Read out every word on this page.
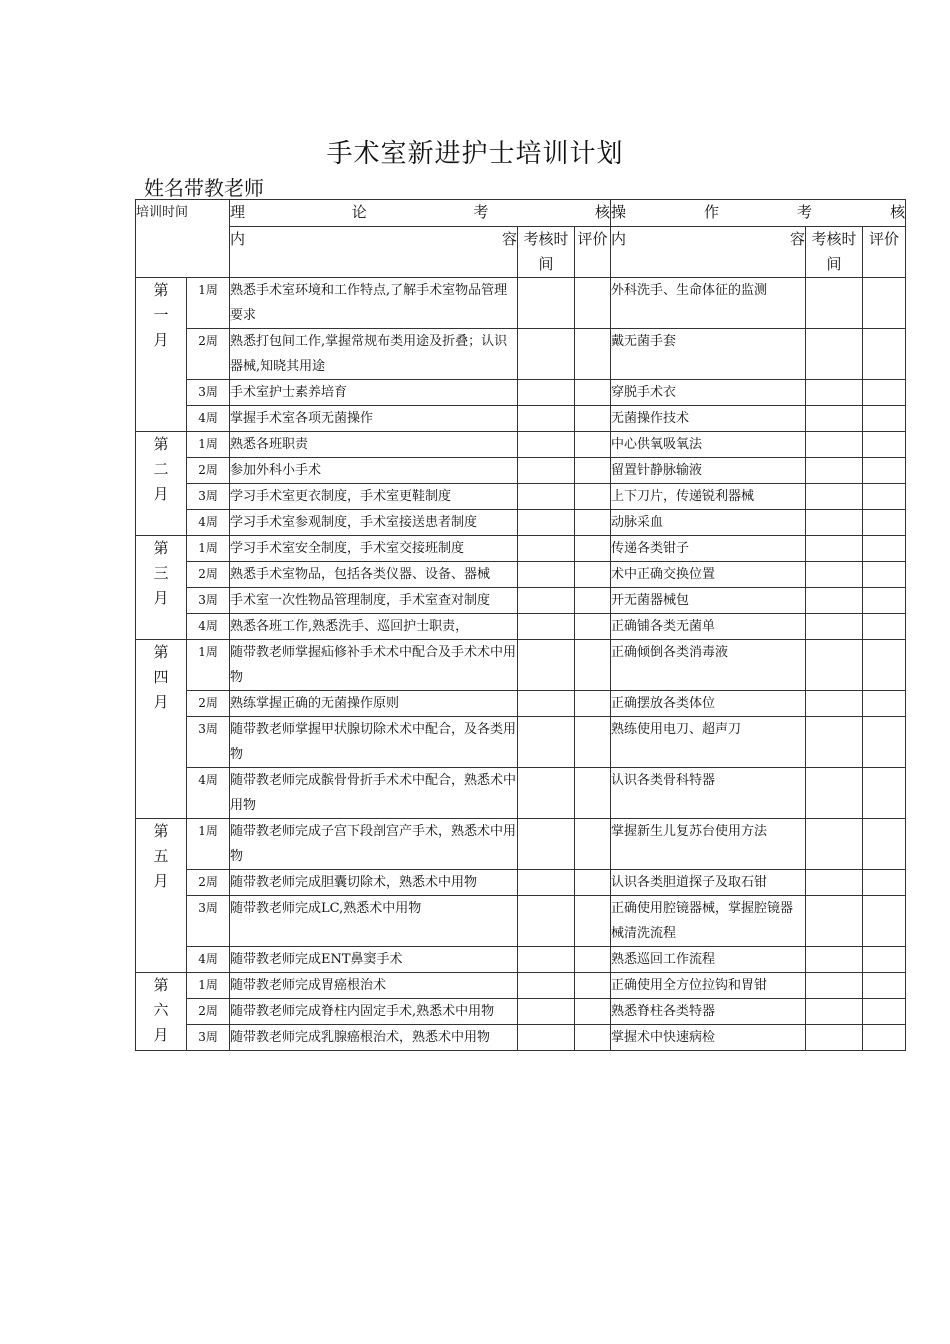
手术室新进护士培训计划
姓名带教老师
培训时间		理论考核			操作考核		
		内容	考核时间	评价	内容	考核时间	评价

第一月	1周	熟悉手术室环境和工作特点,了解手术室物品管理要求			外科洗手、生命体征的监测		
	2周	熟悉打包间工作,掌握常规布类用途及折叠；认识器械,知晓其用途			戴无菌手套		
	3周	手术室护士素养培育			穿脱手术衣		
	4周	掌握手术室各项无菌操作			无菌操作技术		

第二月	1周	熟悉各班职责			中心供氧吸氧法		
	2周	参加外科小手术			留置针静脉输液		
	3周	学习手术室更衣制度，手术室更鞋制度			上下刀片，传递锐利器械		
	4周	学习手术室参观制度，手术室接送患者制度			动脉采血		

第三月	1周	学习手术室安全制度，手术室交接班制度			传递各类钳子		
	2周	熟悉手术室物品，包括各类仪器、设备、器械			术中正确交换位置		
	3周	手术室一次性物品管理制度，手术室查对制度			开无菌器械包		
	4周	熟悉各班工作,熟悉洗手、巡回护士职责，			正确铺各类无菌单		

第四月	1周	随带教老师掌握疝修补手术术中配合及手术术中用物			正确倾倒各类消毒液		
	2周	熟练掌握正确的无菌操作原则			正确摆放各类体位		
	3周	随带教老师掌握甲状腺切除术术中配合，及各类用物			熟练使用电刀、超声刀		
	4周	随带教老师完成髌骨骨折手术术中配合，熟悉术中用物			认识各类骨科特器		

第五月	1周	随带教老师完成子宫下段剖宫产手术，熟悉术中用物			掌握新生儿复苏台使用方法		
	2周	随带教老师完成胆囊切除术，熟悉术中用物			认识各类胆道探子及取石钳		
	3周	随带教老师完成LC,熟悉术中用物			正确使用腔镜器械，掌握腔镜器械清洗流程		
	4周	随带教老师完成ENT鼻窦手术			熟悉巡回工作流程		

第六月	1周	随带教老师完成胃癌根治术			正确使用全方位拉钩和胃钳		
	2周	随带教老师完成脊柱内固定手术,熟悉术中用物			熟悉脊柱各类特器		
	3周	随带教老师完成乳腺癌根治术，熟悉术中用物			掌握术中快速病检		
